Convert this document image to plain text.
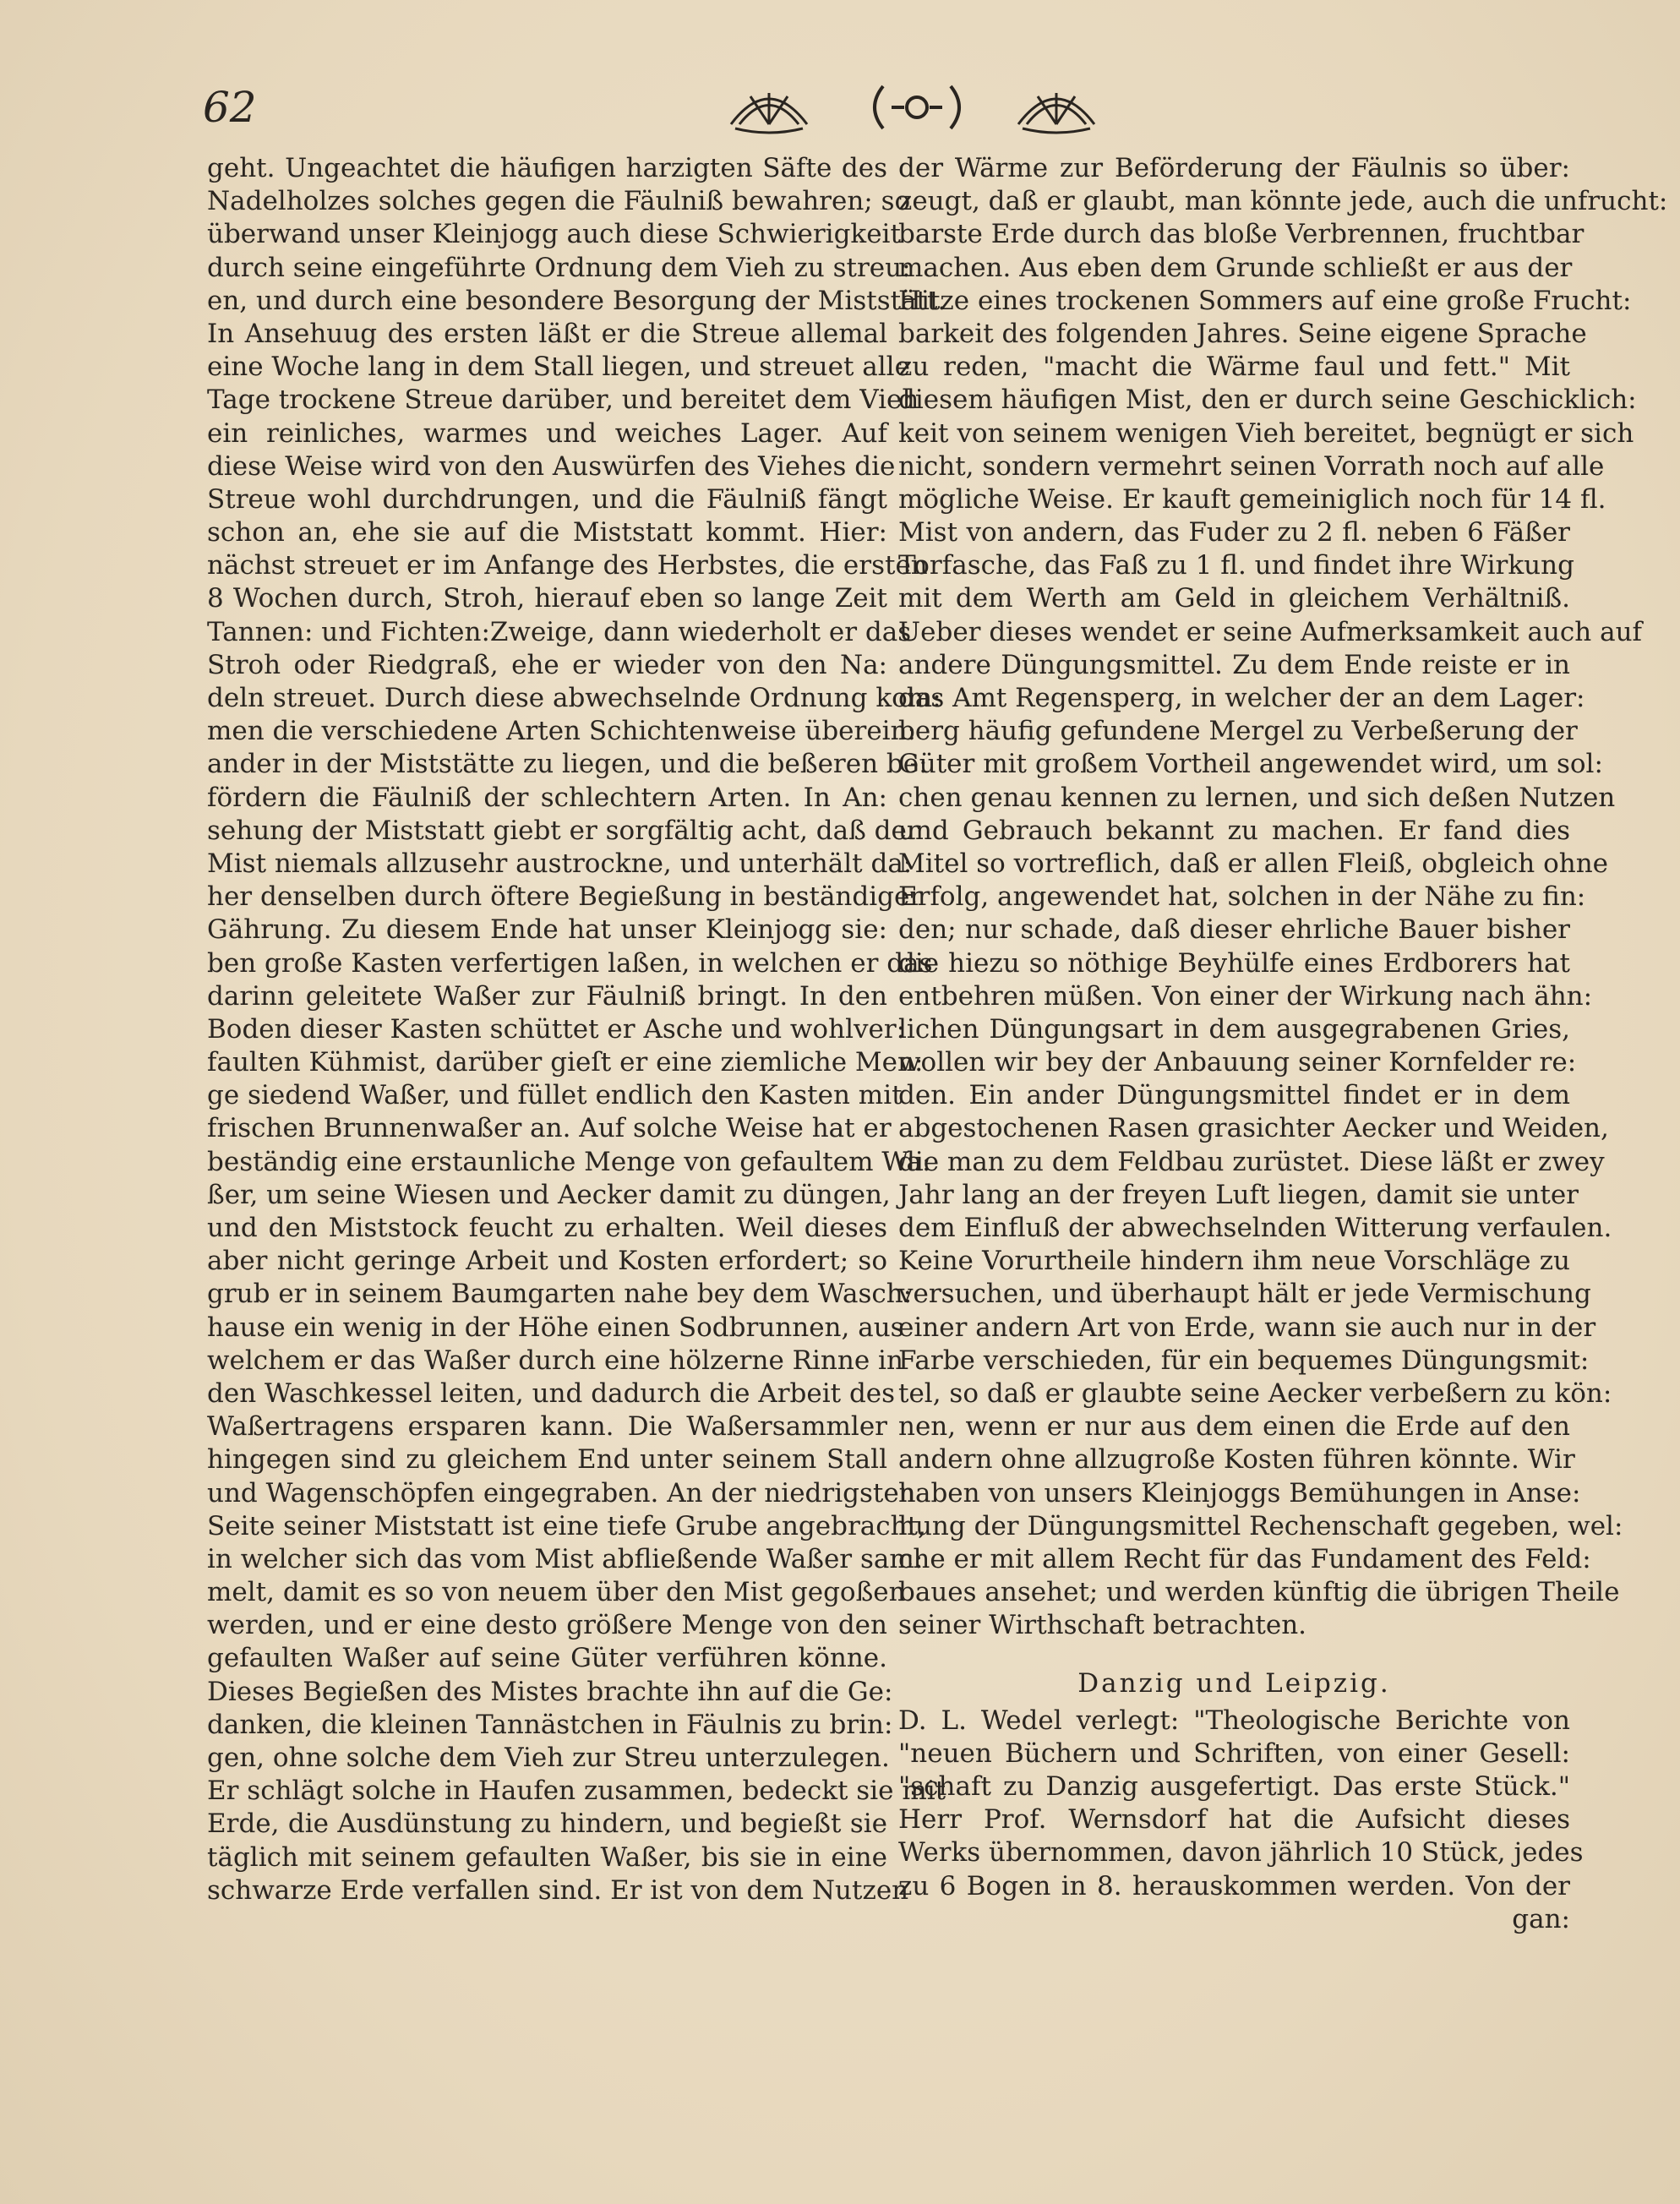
62
geht. Ungeachtet die häufigen harzigten Säfte des
Nadelholzes solches gegen die Fäulniß bewahren; so
überwand unser Kleinjogg auch diese Schwierigkeit
durch seine eingeführte Ordnung dem Vieh zu streu:
en, und durch eine besondere Besorgung der Miststätt.
In Ansehuug des ersten läßt er die Streue allemal
eine Woche lang in dem Stall liegen, und streuet alle
Tage trockene Streue darüber, und bereitet dem Vieh
ein reinliches, warmes und weiches Lager. Auf
diese Weise wird von den Auswürfen des Viehes die
Streue wohl durchdrungen, und die Fäulniß fängt
schon an, ehe sie auf die Miststatt kommt. Hier:
nächst streuet er im Anfange des Herbstes, die ersten
8 Wochen durch, Stroh, hierauf eben so lange Zeit
Tannen: und Fichten:Zweige, dann wiederholt er das
Stroh oder Riedgraß, ehe er wieder von den Na:
deln streuet. Durch diese abwechselnde Ordnung kom:
men die verschiedene Arten Schichtenweise überein:
ander in der Miststätte zu liegen, und die beßeren be:
fördern die Fäulniß der schlechtern Arten. In An:
sehung der Miststatt giebt er sorgfältig acht, daß der
Mist niemals allzusehr austrockne, und unterhält da:
her denselben durch öftere Begießung in beständiger
Gährung. Zu diesem Ende hat unser Kleinjogg sie:
ben große Kasten verfertigen laßen, in welchen er das
darinn geleitete Waßer zur Fäulniß bringt. In den
Boden dieser Kasten schüttet er Asche und wohlver:
faulten Kühmist, darüber gieſt er eine ziemliche Men:
ge siedend Waßer, und füllet endlich den Kasten mit
frischen Brunnenwaßer an. Auf solche Weise hat er
beständig eine erstaunliche Menge von gefaultem Wa:
ßer, um seine Wiesen und Aecker damit zu düngen,
und den Miststock feucht zu erhalten. Weil dieses
aber nicht geringe Arbeit und Kosten erfordert; so
grub er in seinem Baumgarten nahe bey dem Wasch:
hause ein wenig in der Höhe einen Sodbrunnen, aus
welchem er das Waßer durch eine hölzerne Rinne in
den Waschkessel leiten, und dadurch die Arbeit des
Waßertragens ersparen kann. Die Waßersammler
hingegen sind zu gleichem End unter seinem Stall
und Wagenschöpfen eingegraben. An der niedrigsten
Seite seiner Miststatt ist eine tiefe Grube angebracht,
in welcher sich das vom Mist abfließende Waßer sam:
melt, damit es so von neuem über den Mist gegoßen
werden, und er eine desto größere Menge von den
gefaulten Waßer auf seine Güter verführen könne.
Dieses Begießen des Mistes brachte ihn auf die Ge:
danken, die kleinen Tannästchen in Fäulnis zu brin:
gen, ohne solche dem Vieh zur Streu unterzulegen.
Er schlägt solche in Haufen zusammen, bedeckt sie mit
Erde, die Ausdünstung zu hindern, und begießt sie
täglich mit seinem gefaulten Waßer, bis sie in eine
schwarze Erde verfallen sind. Er ist von dem Nutzen
der Wärme zur Beförderung der Fäulnis so über:
zeugt, daß er glaubt, man könnte jede, auch die unfrucht:
barste Erde durch das bloße Verbrennen, fruchtbar
machen. Aus eben dem Grunde schließt er aus der
Hitze eines trockenen Sommers auf eine große Frucht:
barkeit des folgenden Jahres. Seine eigene Sprache
zu reden, "macht die Wärme faul und fett." Mit
diesem häufigen Mist, den er durch seine Geschicklich:
keit von seinem wenigen Vieh bereitet, begnügt er sich
nicht, sondern vermehrt seinen Vorrath noch auf alle
mögliche Weise. Er kauft gemeiniglich noch für 14 fl.
Mist von andern, das Fuder zu 2 fl. neben 6 Fäßer
Torfasche, das Faß zu 1 fl. und findet ihre Wirkung
mit dem Werth am Geld in gleichem Verhältniß.
Ueber dieses wendet er seine Aufmerksamkeit auch auf
andere Düngungsmittel. Zu dem Ende reiste er in
das Amt Regensperg, in welcher der an dem Lager:
berg häufig gefundene Mergel zu Verbeßerung der
Güter mit großem Vortheil angewendet wird, um sol:
chen genau kennen zu lernen, und sich deßen Nutzen
und Gebrauch bekannt zu machen. Er fand dies
Mitel so vortreflich, daß er allen Fleiß, obgleich ohne
Erfolg, angewendet hat, solchen in der Nähe zu fin:
den; nur schade, daß dieser ehrliche Bauer bisher
die hiezu so nöthige Beyhülfe eines Erdborers hat
entbehren müßen. Von einer der Wirkung nach ähn:
lichen Düngungsart in dem ausgegrabenen Gries,
wollen wir bey der Anbauung seiner Kornfelder re:
den. Ein ander Düngungsmittel findet er in dem
abgestochenen Rasen grasichter Aecker und Weiden,
die man zu dem Feldbau zurüstet. Diese läßt er zwey
Jahr lang an der freyen Luft liegen, damit sie unter
dem Einfluß der abwechselnden Witterung verfaulen.
Keine Vorurtheile hindern ihm neue Vorschläge zu
versuchen, und überhaupt hält er jede Vermischung
einer andern Art von Erde, wann sie auch nur in der
Farbe verschieden, für ein bequemes Düngungsmit:
tel, so daß er glaubte seine Aecker verbeßern zu kön:
nen, wenn er nur aus dem einen die Erde auf den
andern ohne allzugroße Kosten führen könnte. Wir
haben von unsers Kleinjoggs Bemühungen in Anse:
hung der Düngungsmittel Rechenschaft gegeben, wel:
che er mit allem Recht für das Fundament des Feld:
baues ansehet; und werden künftig die übrigen Theile
seiner Wirthschaft betrachten.
Danzig und Leipzig.
D. L. Wedel verlegt: "Theologische Berichte von
"neuen Büchern und Schriften, von einer Gesell:
"schaft zu Danzig ausgefertigt. Das erste Stück."
Herr Prof. Wernsdorf hat die Aufsicht dieses
Werks übernommen, davon jährlich 10 Stück, jedes
zu 6 Bogen in 8. herauskommen werden. Von der
gan:
